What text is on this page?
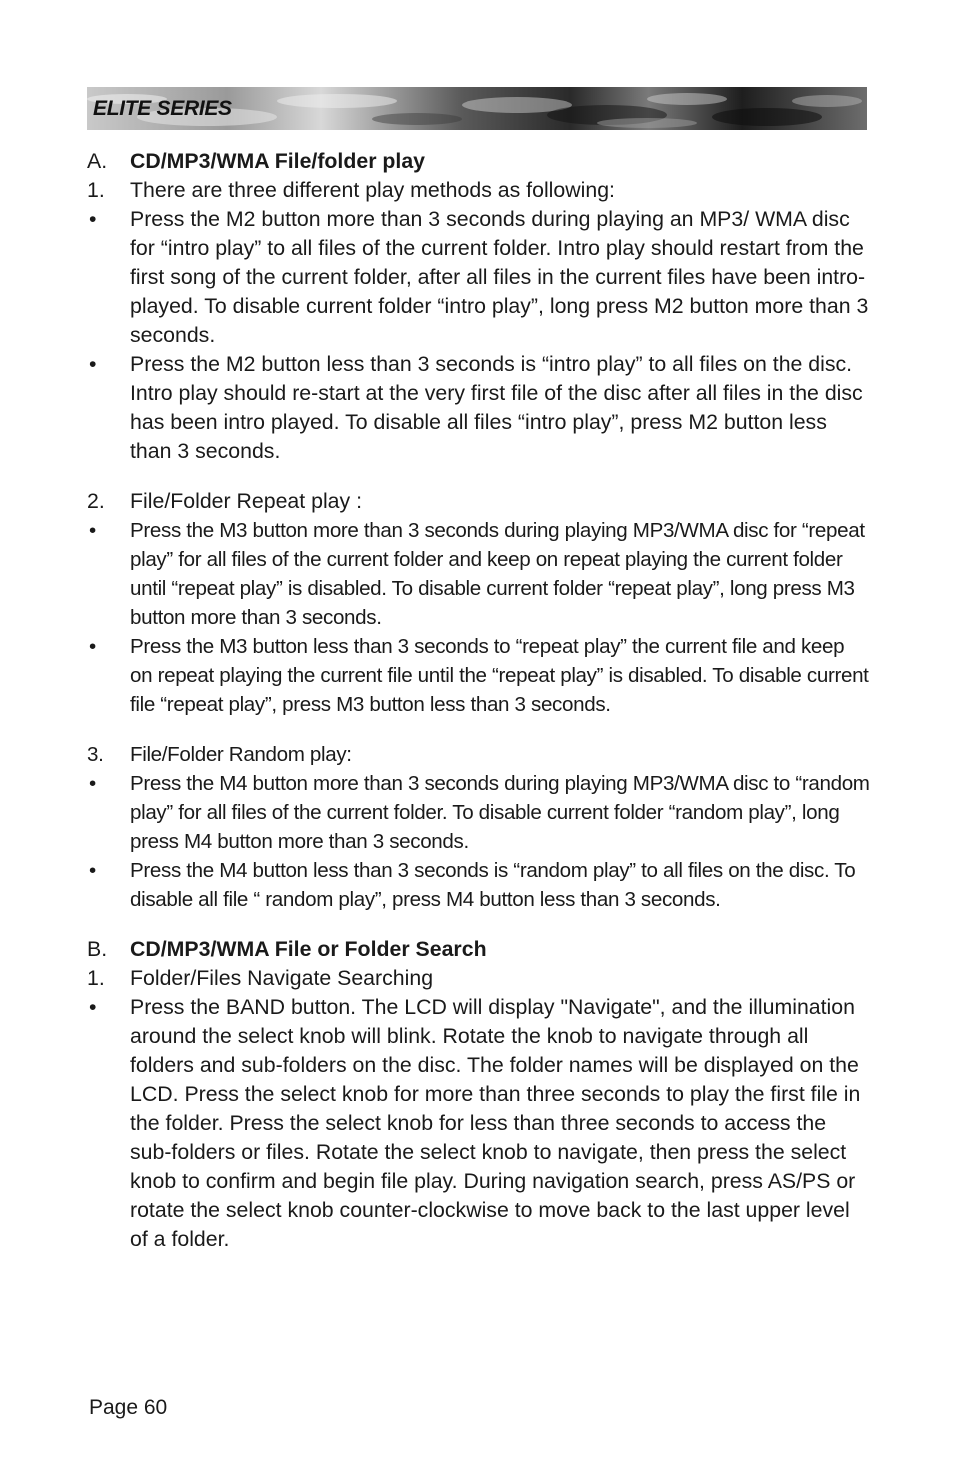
ELITE SERIES
A.	CD/MP3/WMA File/folder play
1.	There are three different play methods as following:
•	Press the M2 button more than 3 seconds during playing an MP3/ WMA disc for “intro play” to all files of the current folder. Intro play should restart from the first song of the current folder, after all files in the current files have been intro-played. To disable current folder “intro play”, long press M2 button more than 3 seconds.
•	Press the M2 button less than 3 seconds is “intro play” to all files on the disc. Intro play should re-start at the very first file of the disc after all files in the disc has been intro played. To disable all files “intro play”, press M2 button less than 3 seconds.
2.	File/Folder Repeat play :
•	Press the M3 button more than 3 seconds during playing MP3/WMA disc for “repeat play” for all files of the current folder and keep on repeat playing the current folder until “repeat play” is disabled. To disable current folder “repeat play”, long press M3 button more than 3 seconds.
•	Press the M3 button less than 3 seconds to “repeat play” the current file and keep on repeat playing the current file until the “repeat play” is disabled. To disable current file “repeat play”, press M3 button less than 3 seconds.
3.	File/Folder Random play:
•	Press the M4 button more than 3 seconds during playing MP3/WMA disc to “random play” for all files of the current folder. To disable current folder “random play”, long press M4 button more than 3 seconds.
•	Press the M4 button less than 3 seconds is “random play” to all files on the disc. To disable all file “ random play”, press M4 button less than 3 seconds.
B.	CD/MP3/WMA File or Folder Search
1.	Folder/Files Navigate Searching
•	Press the BAND button. The LCD will display "Navigate", and the illumination around the select knob will blink. Rotate the knob to navigate through all folders and sub-folders on the disc. The folder names will be displayed on the LCD. Press the select knob for more than three seconds to play the first file in the folder. Press the select knob for less than three seconds to access the sub-folders or files. Rotate the select knob to navigate, then press the select knob to confirm and begin file play. During navigation search, press AS/PS or rotate the select knob counter-clockwise to move back to the last upper level of a folder.
Page 60
